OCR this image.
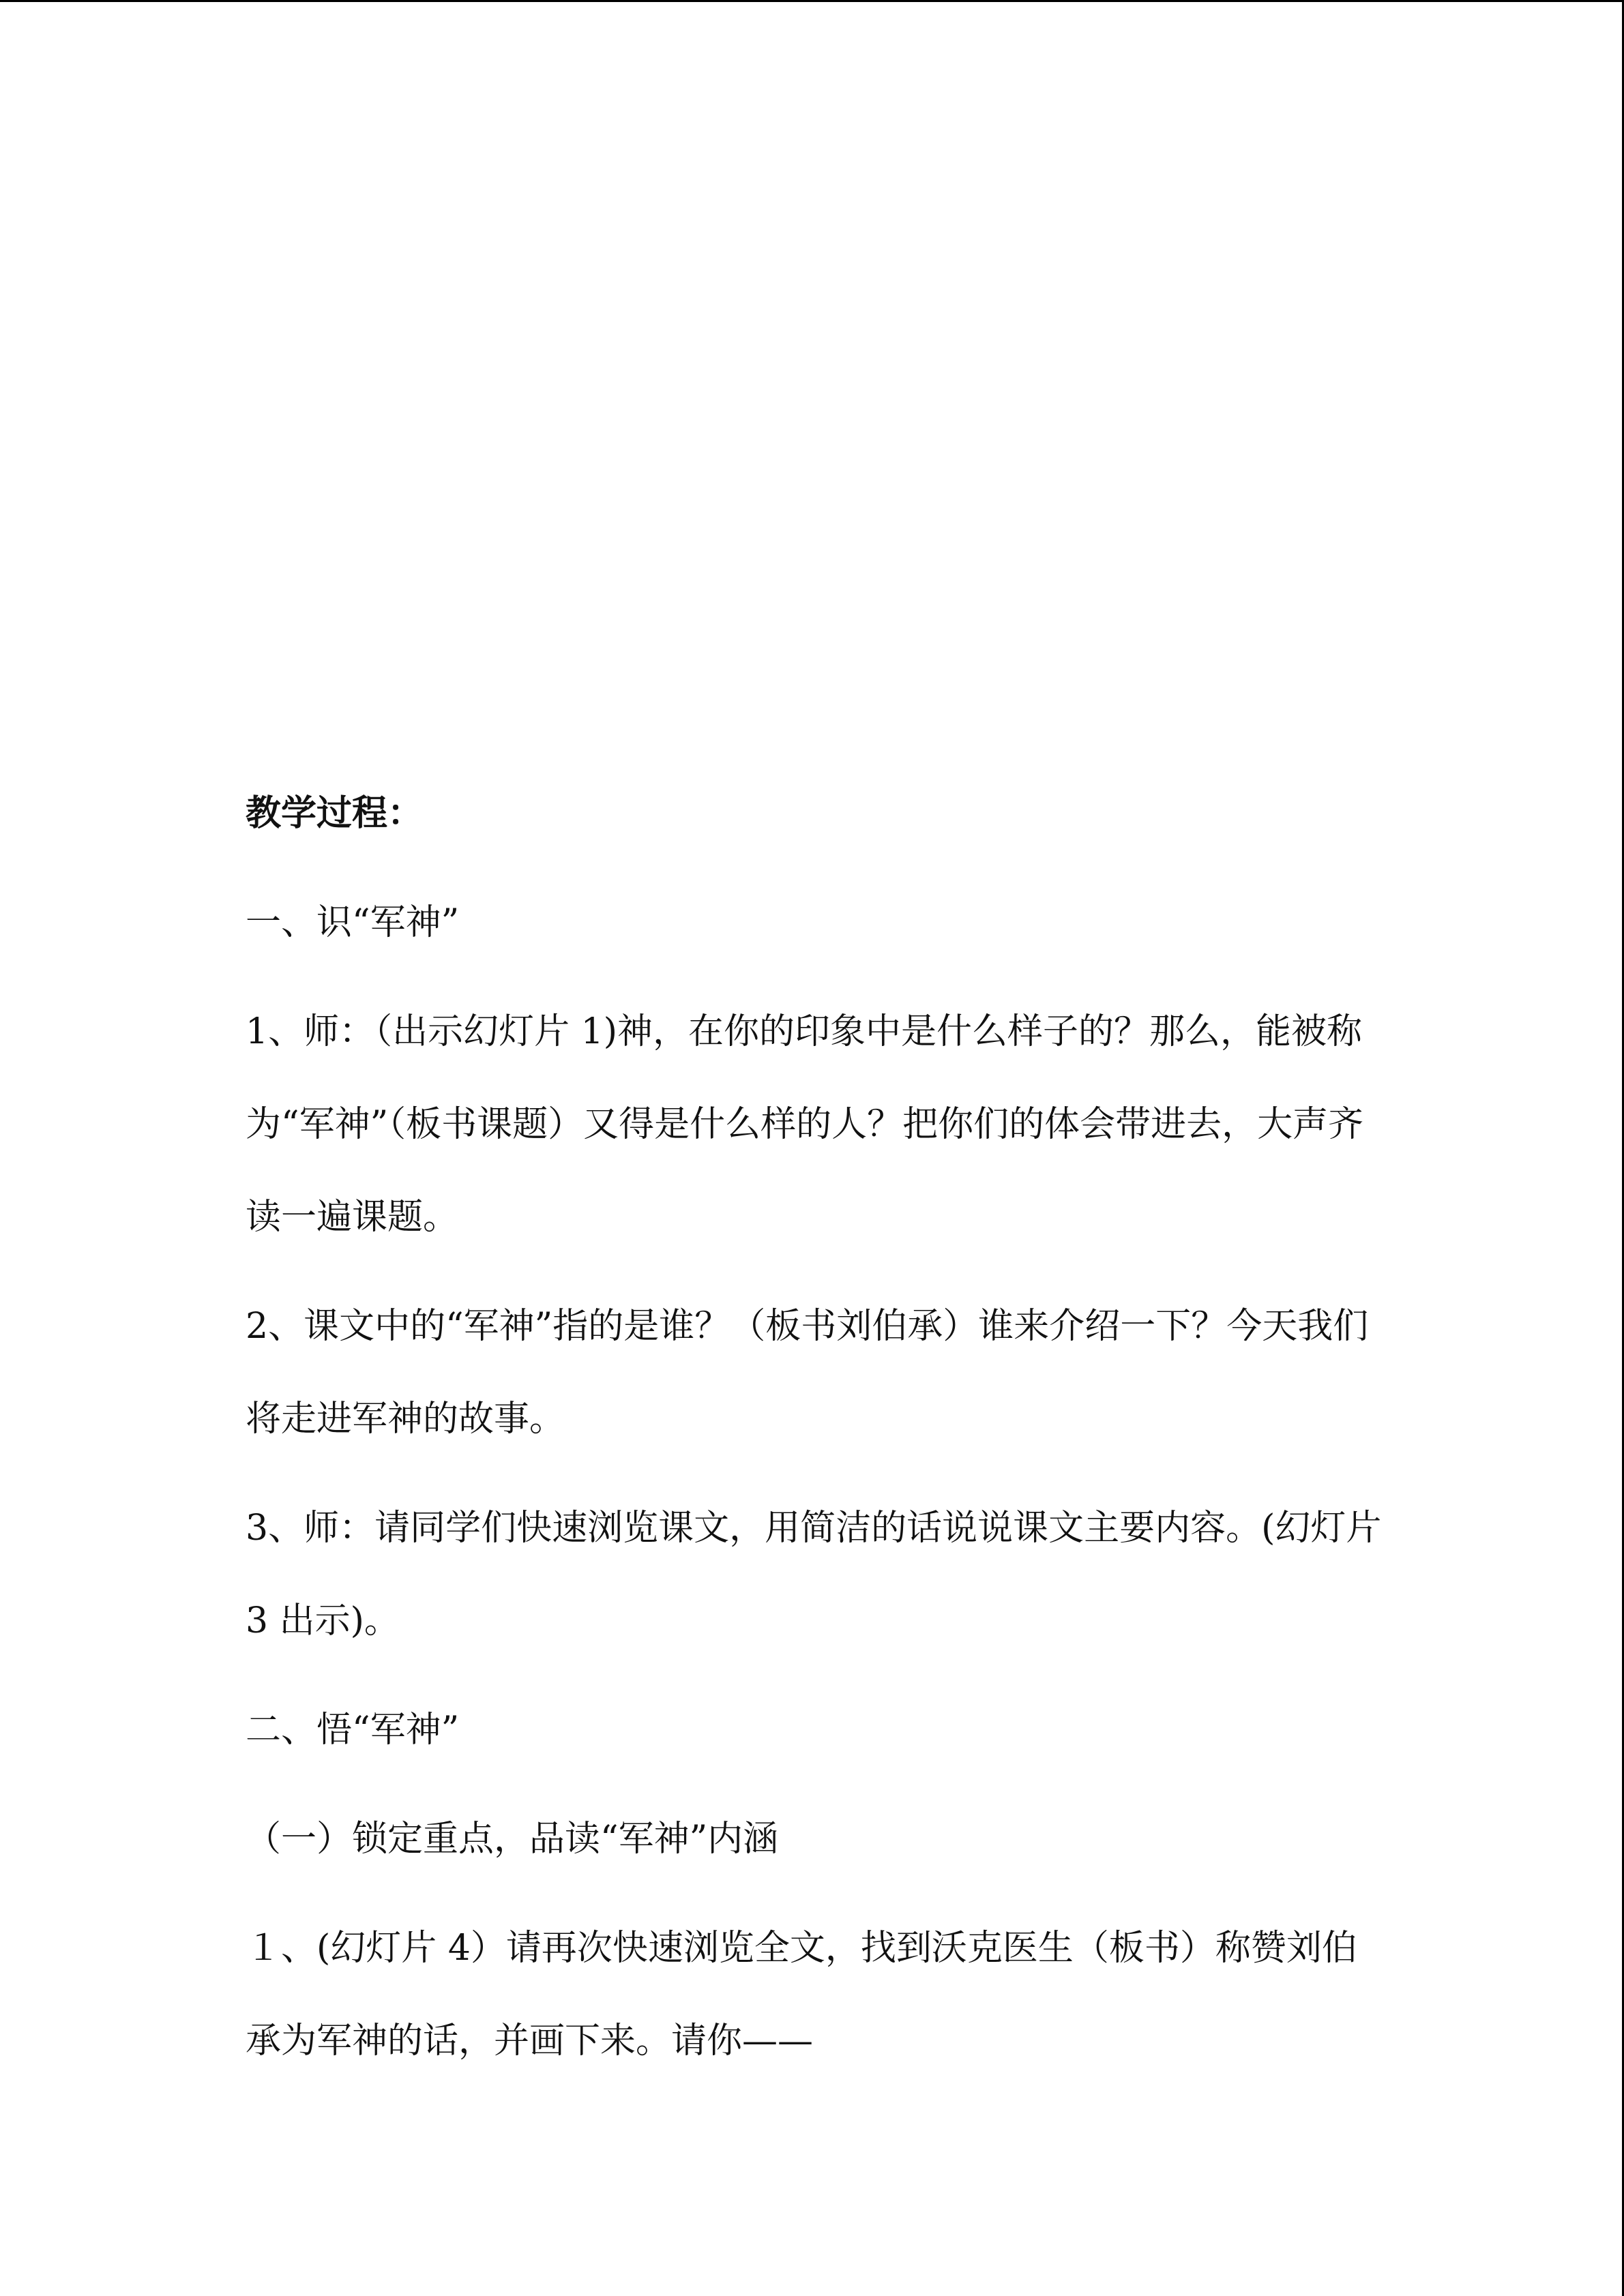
教学过程：

一、识“军神”

1、师：（出示幻灯片 1)神，在你的印象中是什么样子的？那么，能被称为“军神”（板书课题）又得是什么样的人？把你们的体会带进去，大声齐读一遍课题。

2、课文中的“军神”指的是谁？（板书刘伯承）谁来介绍一下？今天我们将走进军神的故事。

3、师：请同学们快速浏览课文，用简洁的话说说课文主要内容。(幻灯片 3 出示)。

二、悟“军神”

（一）锁定重点，品读“军神”内涵

１、(幻灯片 4）请再次快速浏览全文，找到沃克医生（板书）称赞刘伯承为军神的话，并画下来。请你——
